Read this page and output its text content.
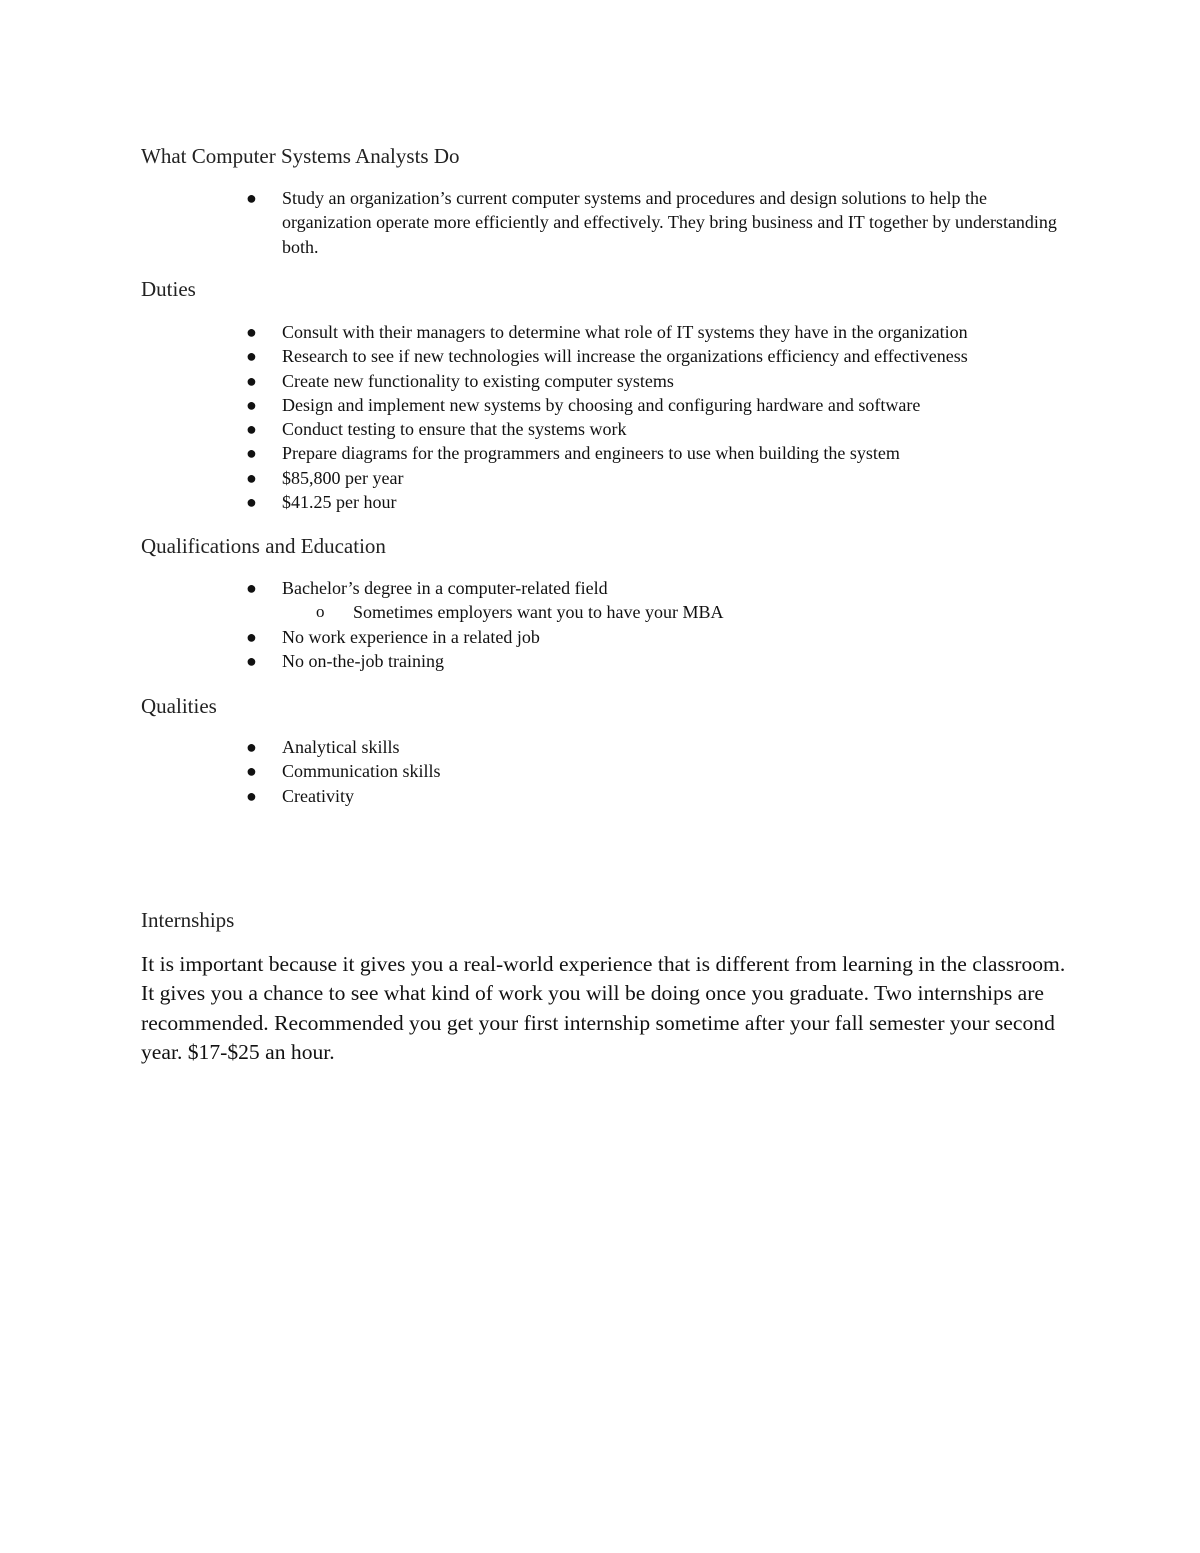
What Computer Systems Analysts Do
● Study an organization’s current computer systems and procedures and design solutions to help the organization operate more efficiently and effectively. They bring business and IT together by understanding both.
Duties
● Consult with their managers to determine what role of IT systems they have in the organization
● Research to see if new technologies will increase the organizations efficiency and effectiveness
● Create new functionality to existing computer systems
● Design and implement new systems by choosing and configuring hardware and software
● Conduct testing to ensure that the systems work
● Prepare diagrams for the programmers and engineers to use when building the system
● $85,800 per year
● $41.25 per hour
Qualifications and Education
● Bachelor’s degree in a computer-related field
o Sometimes employers want you to have your MBA
● No work experience in a related job
● No on-the-job training
Qualities
● Analytical skills
● Communication skills
● Creativity
Internships

It is important because it gives you a real-world experience that is different from learning in the classroom. It gives you a chance to see what kind of work you will be doing once you graduate. Two internships are recommended. Recommended you get your first internship sometime after your fall semester your second year. $17-$25 an hour.
